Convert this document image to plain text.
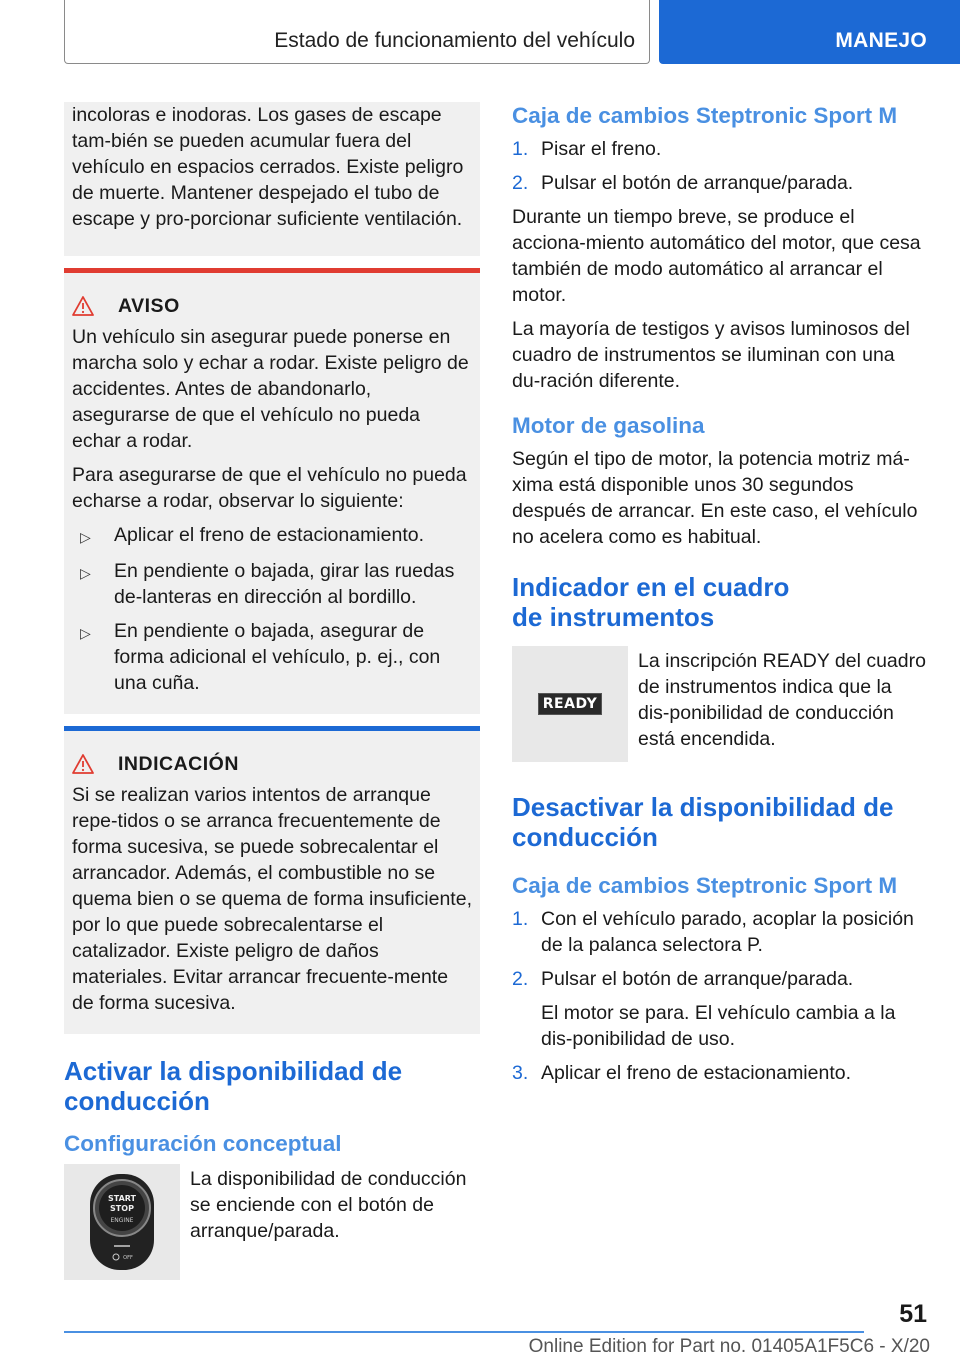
Estado de funcionamiento del vehículo	MANEJO

incoloras e inodoras. Los gases de escape tam-bién se pueden acumular fuera del vehículo en espacios cerrados. Existe peligro de muerte. Mantener despejado el tubo de escape y pro-porcionar suficiente ventilación.

AVISO

Un vehículo sin asegurar puede ponerse en marcha solo y echar a rodar. Existe peligro de accidentes. Antes de abandonarlo, asegurarse de que el vehículo no pueda echar a rodar.

Para asegurarse de que el vehículo no pueda echarse a rodar, observar lo siguiente:

▷	Aplicar el freno de estacionamiento.
▷	En pendiente o bajada, girar las ruedas de-lanteras en dirección al bordillo.
▷	En pendiente o bajada, asegurar de forma adicional el vehículo, p. ej., con una cuña.
INDICACIÓN

Si se realizan varios intentos de arranque repe-tidos o se arranca frecuentemente de forma sucesiva, se puede sobrecalentar el arrancador. Además, el combustible no se quema bien o se quema de forma insuficiente, por lo que puede sobrecalentarse el catalizador. Existe peligro de daños materiales. Evitar arrancar frecuente-mente de forma sucesiva.

Activar la disponibilidad de conducción
Configuración conceptual
START
STOP
ENGINE
OFF
La disponibilidad de conducción se enciende con el botón de arranque/parada.
Caja de cambios Steptronic Sport M
1. Pisar el freno.
2. Pulsar el botón de arranque/parada.

Durante un tiempo breve, se produce el acciona-miento automático del motor, que cesa también de modo automático al arrancar el motor.

La mayoría de testigos y avisos luminosos del cuadro de instrumentos se iluminan con una du-ración diferente.

Motor de gasolina

Según el tipo de motor, la potencia motriz má-xima está disponible unos 30 segundos después de arrancar. En este caso, el vehículo no acelera como es habitual.

Indicador en el cuadro de instrumentos
READY
La inscripción READY del cuadro de instrumentos indica que la dis-ponibilidad de conducción está encendida.
Desactivar la disponibilidad de conducción
Caja de cambios Steptronic Sport M
1. Con el vehículo parado, acoplar la posición de la palanca selectora P.
2. Pulsar el botón de arranque/parada.

El motor se para. El vehículo cambia a la dis-ponibilidad de uso.

3. Aplicar el freno de estacionamiento.
51
Online Edition for Part no. 01405A1F5C6 - X/20
